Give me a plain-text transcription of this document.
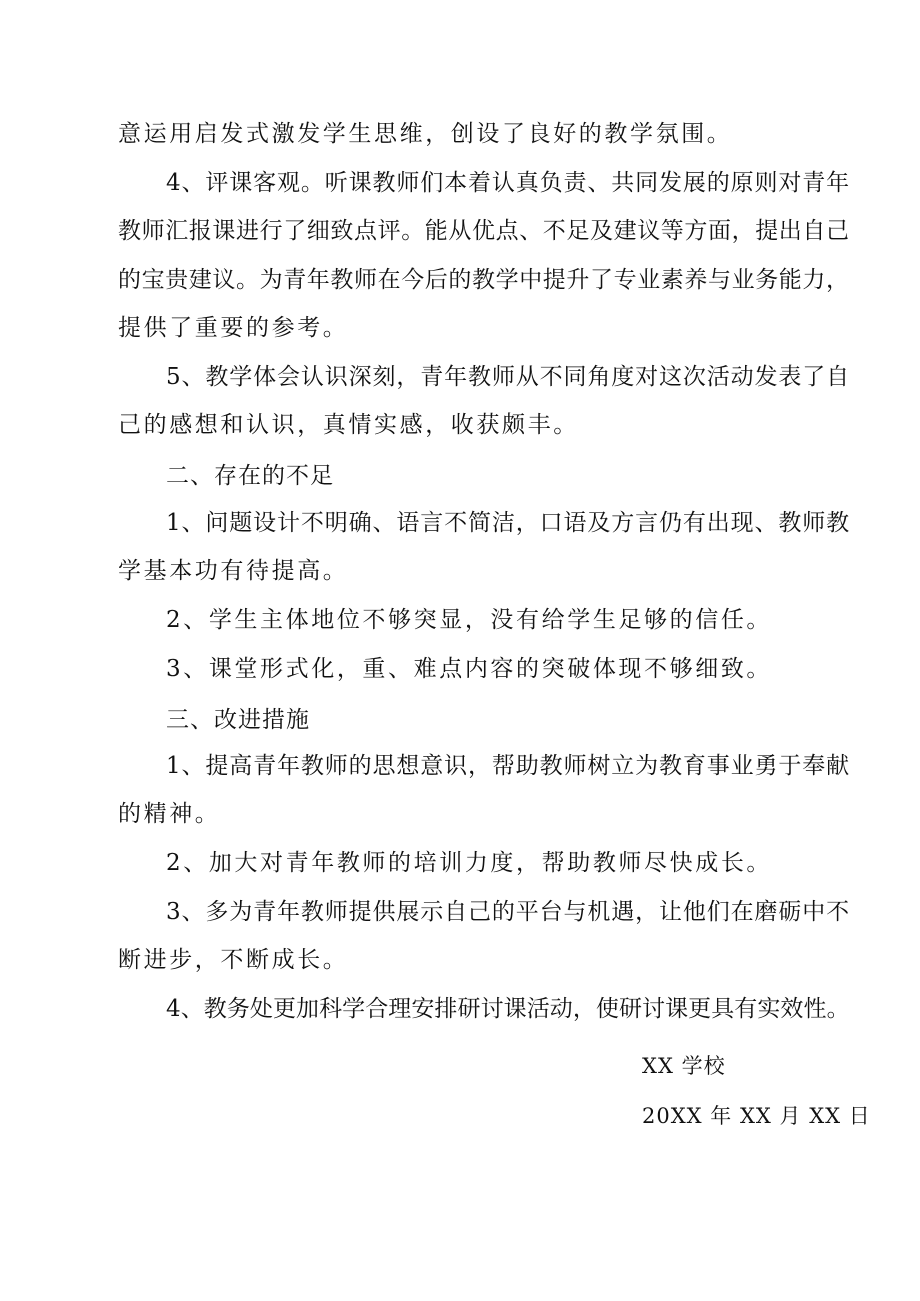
意运用启发式激发学生思维，创设了良好的教学氛围。
4、评课客观。听课教师们本着认真负责、共同发展的原则对青年
教师汇报课进行了细致点评。能从优点、不足及建议等方面，提出自己
的宝贵建议。为青年教师在今后的教学中提升了专业素养与业务能力，
提供了重要的参考。
5、教学体会认识深刻，青年教师从不同角度对这次活动发表了自
己的感想和认识，真情实感，收获颇丰。
二、存在的不足
1、问题设计不明确、语言不简洁，口语及方言仍有出现、教师教
学基本功有待提高。
2、学生主体地位不够突显，没有给学生足够的信任。
3、课堂形式化，重、难点内容的突破体现不够细致。
三、改进措施
1、提高青年教师的思想意识，帮助教师树立为教育事业勇于奉献
的精神。
2、加大对青年教师的培训力度，帮助教师尽快成长。
3、多为青年教师提供展示自己的平台与机遇，让他们在磨砺中不
断进步，不断成长。
4、教务处更加科学合理安排研讨课活动，使研讨课更具有实效性。
XX 学校
20XX 年 XX 月 XX 日
